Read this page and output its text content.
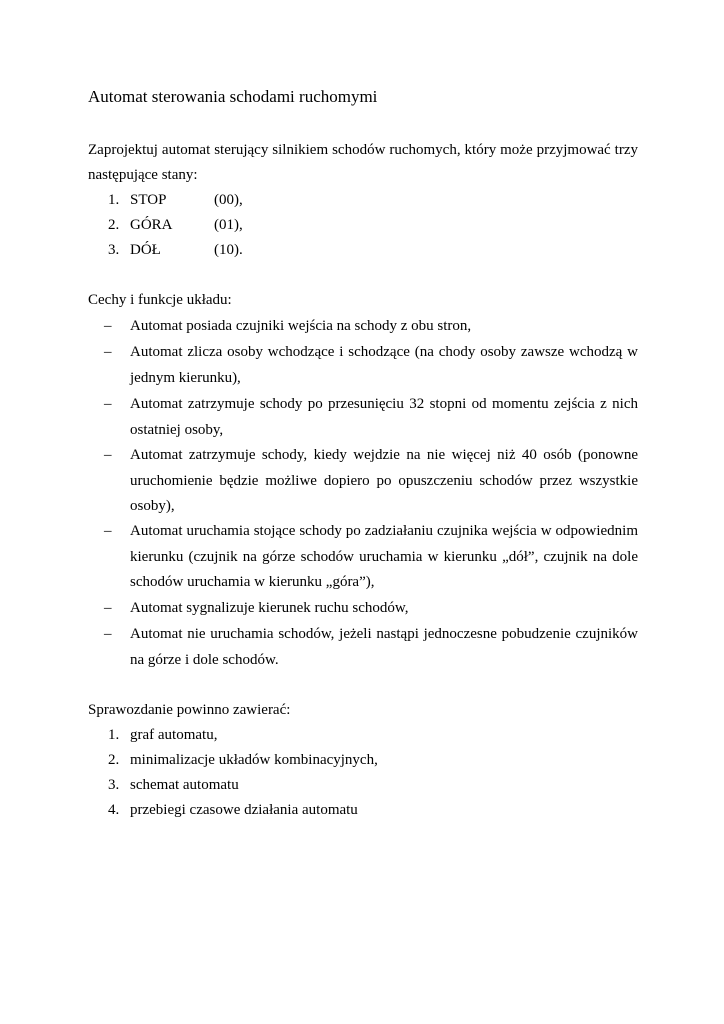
Automat sterowania schodami ruchomymi
Zaprojektuj automat sterujący silnikiem schodów ruchomych, który może przyjmować trzy
następujące stany:
1. STOP	(00),
2. GÓRA	(01),
3. DÓŁ	(10).
Cechy i funkcje układu:
– Automat posiada czujniki wejścia na schody z obu stron,
– Automat zlicza osoby wchodzące i schodzące (na chody osoby zawsze wchodzą w jednym kierunku),
– Automat zatrzymuje schody po przesunięciu 32 stopni od momentu zejścia z nich ostatniej osoby,
– Automat zatrzymuje schody, kiedy wejdzie na nie więcej niż 40 osób (ponowne uruchomienie będzie możliwe dopiero po opuszczeniu schodów przez wszystkie osoby),
– Automat uruchamia stojące schody po zadziałaniu czujnika wejścia w odpowiednim kierunku (czujnik na górze schodów uruchamia w kierunku „dół”, czujnik na dole schodów uruchamia w kierunku „góra”),
– Automat sygnalizuje kierunek ruchu schodów,
– Automat nie uruchamia schodów, jeżeli nastąpi jednoczesne pobudzenie czujników na górze i dole schodów.
Sprawozdanie powinno zawierać:
1. graf automatu,
2. minimalizacje układów kombinacyjnych,
3. schemat automatu
4. przebiegi czasowe działania automatu
